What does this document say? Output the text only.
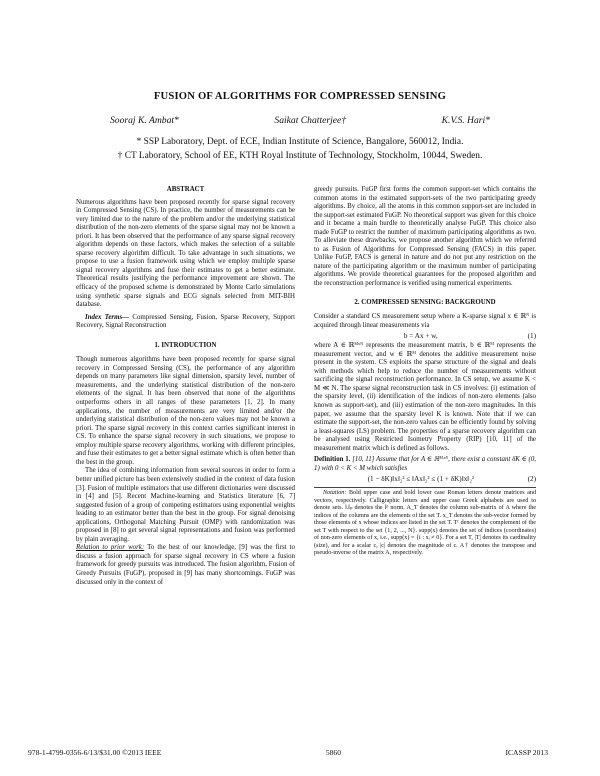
FUSION OF ALGORITHMS FOR COMPRESSED SENSING
Sooraj K. Ambat*	Saikat Chatterjee†	K.V.S. Hari*
* SSP Laboratory, Dept. of ECE, Indian Institute of Science, Bangalore, 560012, India.
† CT Laboratory, School of EE, KTH Royal Institute of Technology, Stockholm, 10044, Sweden.
ABSTRACT

Numerous algorithms have been proposed recently for sparse signal recovery in Compressed Sensing (CS). In practice, the number of measurements can be very limited due to the nature of the problem and/or the underlying statistical distribution of the non-zero elements of the sparse signal may not be known a priori. It has been observed that the performance of any sparse signal recovery algorithm depends on these factors, which makes the selection of a suitable sparse recovery algorithm difficult. To take advantage in such situations, we propose to use a fusion framework using which we employ multiple sparse signal recovery algorithms and fuse their estimates to get a better estimate. Theoretical results justifying the performance improvement are shown. The efficacy of the proposed scheme is demonstrated by Monte Carlo simulations using synthetic sparse signals and ECG signals selected from MIT-BIH database.

Index Terms— Compressed Sensing, Fusion, Sparse Recovery, Support Recovery, Signal Reconstruction

1. INTRODUCTION

Though numerous algorithms have been proposed recently for sparse signal recovery in Compressed Sensing (CS), the performance of any algorithm depends on many parameters like signal dimension, sparsity level, number of measurements, and the underlying statistical distribution of the non-zero elements of the signal. It has been observed that none of the algorithms outperforms others in all ranges of these parameters [1, 2]. In many applications, the number of measurements are very limited and/or the underlying statistical distribution of the non-zero values may not be known a priori. The sparse signal recovery in this context carries significant interest in CS. To enhance the sparse signal recovery in such situations, we propose to employ multiple sparse recovery algorithms, working with different principles, and fuse their estimates to get a better signal estimate which is often better than the best in the group.

The idea of combining information from several sources in order to form a better unified picture has been extensively studied in the context of data fusion [3]. Fusion of multiple estimators that use different dictionaries were discussed in [4] and [5]. Recent Machine-learning and Statistics literature [6, 7] suggested fusion of a group of competing estimators using exponential weights leading to an estimator better than the best in the group. For signal denoising applications, Orthogonal Matching Pursuit (OMP) with randomization was proposed in [8] to get several signal representations and fusion was performed by plain averaging.

Relation to prior work: To the best of our knowledge, [9] was the first to discuss a fusion approach for sparse signal recovery in CS where a fusion framework for greedy pursuits was introduced. The fusion algorithm, Fusion of Greedy Pursuits (FuGP), proposed in [9] has many shortcomings. FuGP was discussed only in the context of

greedy pursuits. FuGP first forms the common support-set which contains the common atoms in the estimated support-sets of the two participating greedy algorithms. By choice, all the atoms in this common support-set are included in the support-set estimated FuGP. No theoretical support was given for this choice and it became a main hurdle to theoretically analyse FuGP. This choice also made FuGP to restrict the number of maximum participating algorithms as two. To alleviate these drawbacks, we propose another algorithm which we referred to as Fusion of Algorithms for Compressed Sensing (FACS) in this paper. Unlike FuGP, FACS is general in nature and do not put any restriction on the nature of the participating algorithm or the maximum number of participating algorithms. We provide theoretical guarantees for the proposed algorithm and the reconstruction performance is verified using numerical experiments.

2. COMPRESSED SENSING: BACKGROUND

Consider a standard CS measurement setup where a K-sparse signal x ∈ ℝᴺ is acquired through linear measurements via

b = Ax + w,	(1)

where A ∈ ℝᴹˣᴺ represents the measurement matrix, b ∈ ℝᴹ represents the measurement vector, and w ∈ ℝᴹ denotes the additive measurement noise present in the system. CS exploits the sparse structure of the signal and deals with methods which help to reduce the number of measurements without sacrificing the signal reconstruction performance. In CS setup, we assume K < M ≪ N. The sparse signal reconstruction task in CS involves: (i) estimation of the sparsity level, (ii) identification of the indices of non-zero elements (also known as support-set), and (iii) estimation of the non-zero magnitudes. In this paper, we assume that the sparsity level K is known. Note that if we can estimate the support-set, the non-zero values can be efficiently found by solving a least-squares (LS) problem. The properties of a sparse recovery algorithm can be analysed using Restricted Isometry Property (RIP) [10, 11] of the measurement matrix which is defined as follows.

Definition 1. [10, 11] Assume that for A ∈ ℝᴹˣᴺ, there exist a constant δK ∈ (0, 1) with 0 < K < M which satisfies

(1 − δK)‖x‖₂² ≤ ‖Ax‖₂² ≤ (1 + δK)‖x‖₂²	(2)

Notation: Bold upper case and bold lower case Roman letters denote matrices and vectors, respectively. Calligraphic letters and upper case Greek alphabets are used to denote sets. ‖.‖ₚ denotes the lᵖ norm. A_T denotes the column sub-matrix of A where the indices of the columns are the elements of the set T. x_T denotes the sub-vector formed by those elements of x whose indices are listed in the set T. Tᶜ denotes the complement of the set T with respect to the set {1, 2, ..., N}. supp(x) denotes the set of indices (coordinates) of non-zero elements of x, i.e., supp(x) = {i : xᵢ ≠ 0}. For a set T, |T| denotes its cardinality (size), and for a scalar c, |c| denotes the magnitude of c. A† denotes the transpose and pseudo-inverse of the matrix A, respectively.

978-1-4799-0356-6/13/$31.00 ©2013 IEEE	5860	ICASSP 2013
